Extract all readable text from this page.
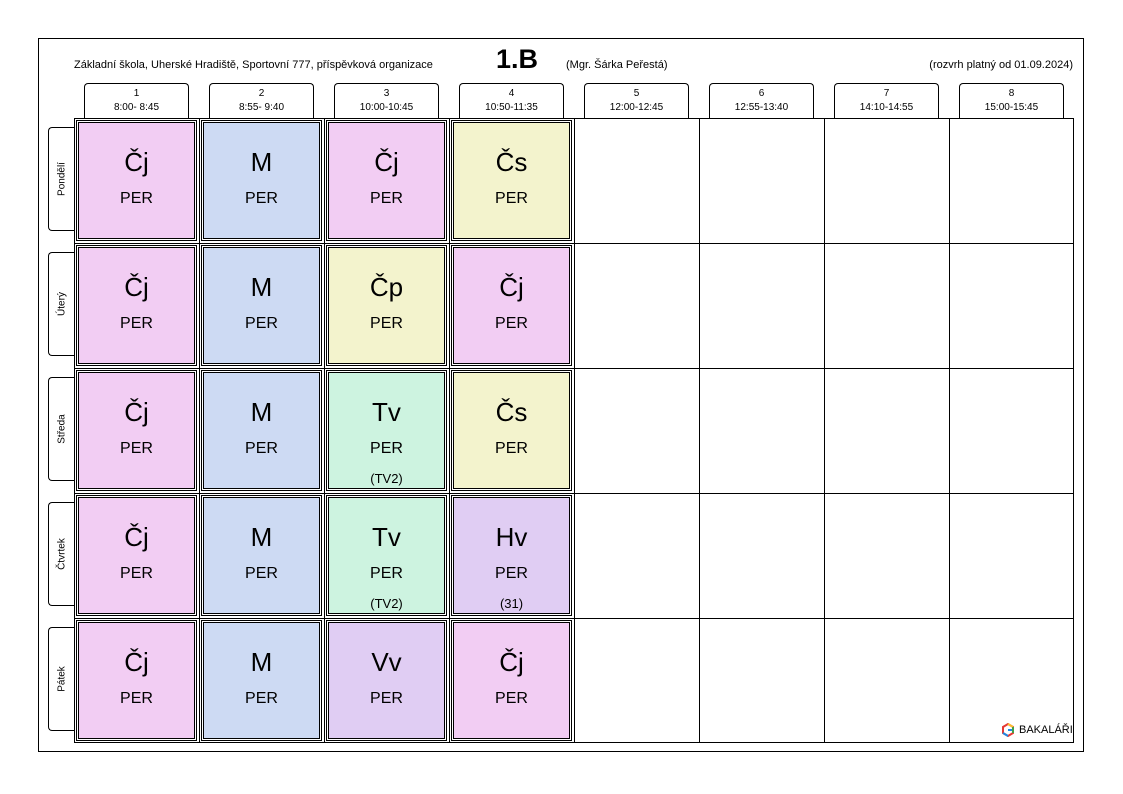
Základní škola, Uherské Hradiště, Sportovní 777, příspěvková organizace 1.B	(Mgr. Šárka Peřestá)	(rozvrh platný od 01.09.2024)
1
8:00- 8:45
2
8:55- 9:40
3
10:00-10:45
4
10:50-11:35
5
12:00-12:45
6
12:55-13:40
7
14:10-14:55
8
15:00-15:45
Pondělí
Úterý
Středa
Čtvrtek
Pátek
Čj
PER
M
PER
Čj
PER
Čs
PER
Čj
PER
M
PER
Čp
PER
Čj
PER
Čj
PER
M
PER
Tv
PER
(TV2)
Čs
PER
Čj
PER
M
PER
Tv
PER
(TV2)
Hv
PER
(31)
Čj
PER
M
PER
Vv
PER
Čj
PER
BAKALÁŘI
